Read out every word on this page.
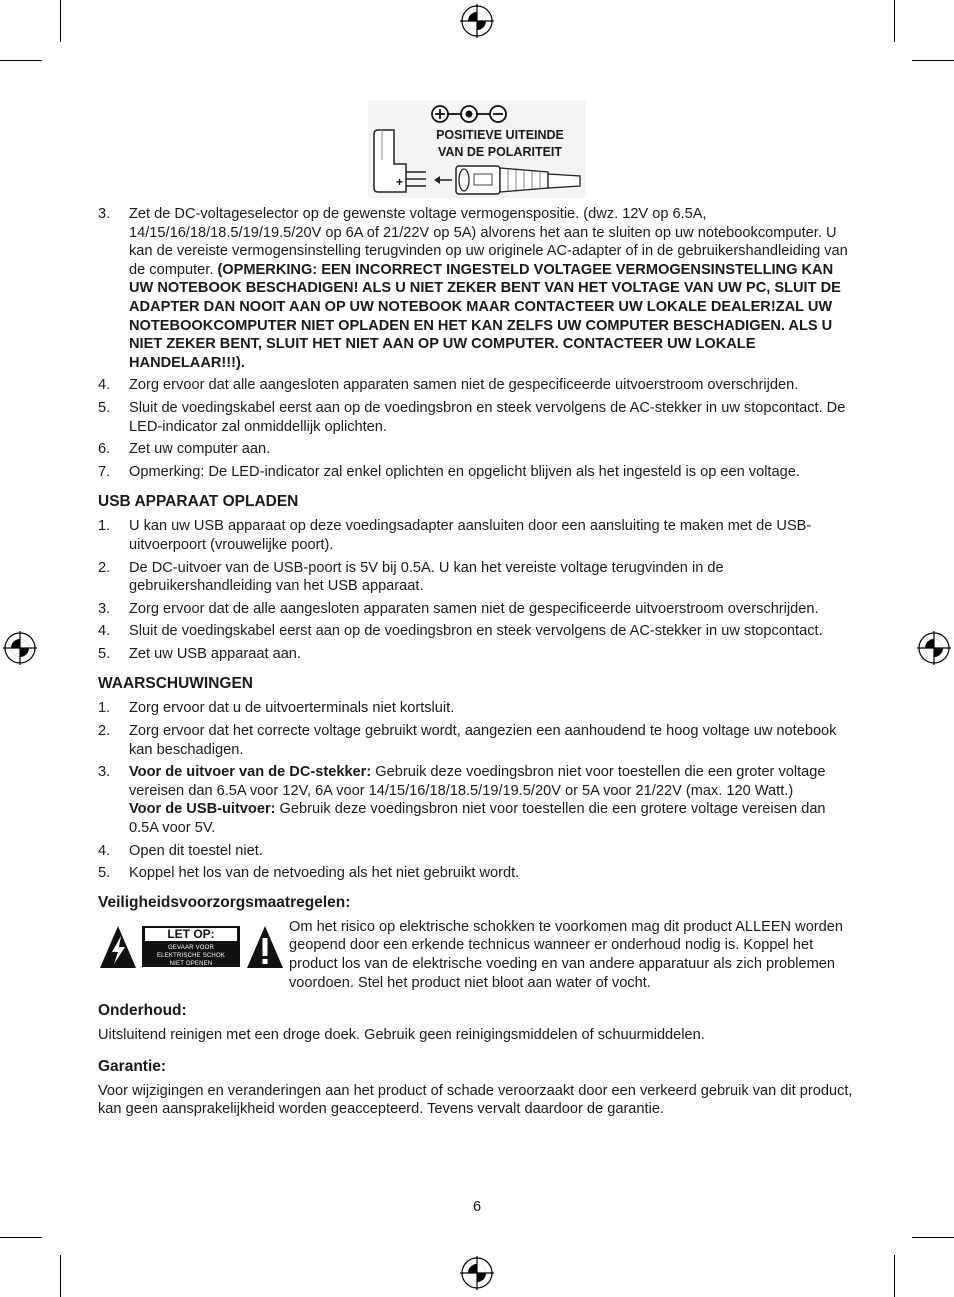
+
POSITIEVE UITEINDE
VAN DE POLARITEIT
3. Zet de DC-voltageselector op de gewenste voltage vermogenspositie. (dwz. 12V op 6.5A, 14/15/16/18/18.5/19/19.5/20V op 6A of 21/22V op 5A) alvorens het aan te sluiten op uw notebookcomputer. U kan de vereiste vermogensinstelling terugvinden op uw originele AC-adapter of in de gebruikershandleiding van de computer. (OPMERKING: EEN INCORRECT INGESTELD VOLTAGEE VERMOGENSINSTELLING KAN UW NOTEBOOK BESCHADIGEN! ALS U NIET ZEKER BENT VAN HET VOLTAGE VAN UW PC, SLUIT DE ADAPTER DAN NOOIT AAN OP UW NOTEBOOK MAAR CONTACTEER UW LOKALE DEALER!ZAL UW NOTEBOOKCOMPUTER NIET OPLADEN EN HET KAN ZELFS UW COMPUTER BESCHADIGEN. ALS U NIET ZEKER BENT, SLUIT HET NIET AAN OP UW COMPUTER. CONTACTEER UW LOKALE HANDELAAR!!!).
4. Zorg ervoor dat alle aangesloten apparaten samen niet de gespecificeerde uitvoerstroom overschrijden.
5. Sluit de voedingskabel eerst aan op de voedingsbron en steek vervolgens de AC-stekker in uw stopcontact. De LED-indicator zal onmiddellijk oplichten.
6. Zet uw computer aan.
7. Opmerking: De LED-indicator zal enkel oplichten en opgelicht blijven als het ingesteld is op een voltage.
USB APPARAAT OPLADEN
1. U kan uw USB apparaat op deze voedingsadapter aansluiten door een aansluiting te maken met de USB-uitvoerpoort (vrouwelijke poort).
2. De DC-uitvoer van de USB-poort is 5V bij 0.5A. U kan het vereiste voltage terugvinden in de gebruikershandleiding van het USB apparaat.
3. Zorg ervoor dat de alle aangesloten apparaten samen niet de gespecificeerde uitvoerstroom overschrijden.
4. Sluit de voedingskabel eerst aan op de voedingsbron en steek vervolgens de AC-stekker in uw stopcontact.
5. Zet uw USB apparaat aan.
WAARSCHUWINGEN
1. Zorg ervoor dat u de uitvoerterminals niet kortsluit.
2. Zorg ervoor dat het correcte voltage gebruikt wordt, aangezien een aanhoudend te hoog voltage uw notebook kan beschadigen.
3. Voor de uitvoer van de DC-stekker: Gebruik deze voedingsbron niet voor toestellen die een groter voltage vereisen dan 6.5A voor 12V, 6A voor 14/15/16/18/18.5/19/19.5/20V or 5A voor 21/22V (max. 120 Watt.)
Voor de USB-uitvoer: Gebruik deze voedingsbron niet voor toestellen die een grotere voltage vereisen dan 0.5A voor 5V.
4. Open dit toestel niet.
5. Koppel het los van de netvoeding als het niet gebruikt wordt.
Veiligheidsvoorzorgsmaatregelen:
LET OP:
GEVAAR VOOR
ELEKTRISCHE SCHOK
NIET OPENEN

Om het risico op elektrische schokken te voorkomen mag dit product ALLEEN worden geopend door een erkende technicus wanneer er onderhoud nodig is. Koppel het product los van de elektrische voeding en van andere apparatuur als zich problemen voordoen. Stel het product niet bloot aan water of vocht.

Onderhoud:

Uitsluitend reinigen met een droge doek. Gebruik geen reinigingsmiddelen of schuurmiddelen.

Garantie:

Voor wijzigingen en veranderingen aan het product of schade veroorzaakt door een verkeerd gebruik van dit product, kan geen aansprakelijkheid worden geaccepteerd. Tevens vervalt daardoor de garantie.

6
